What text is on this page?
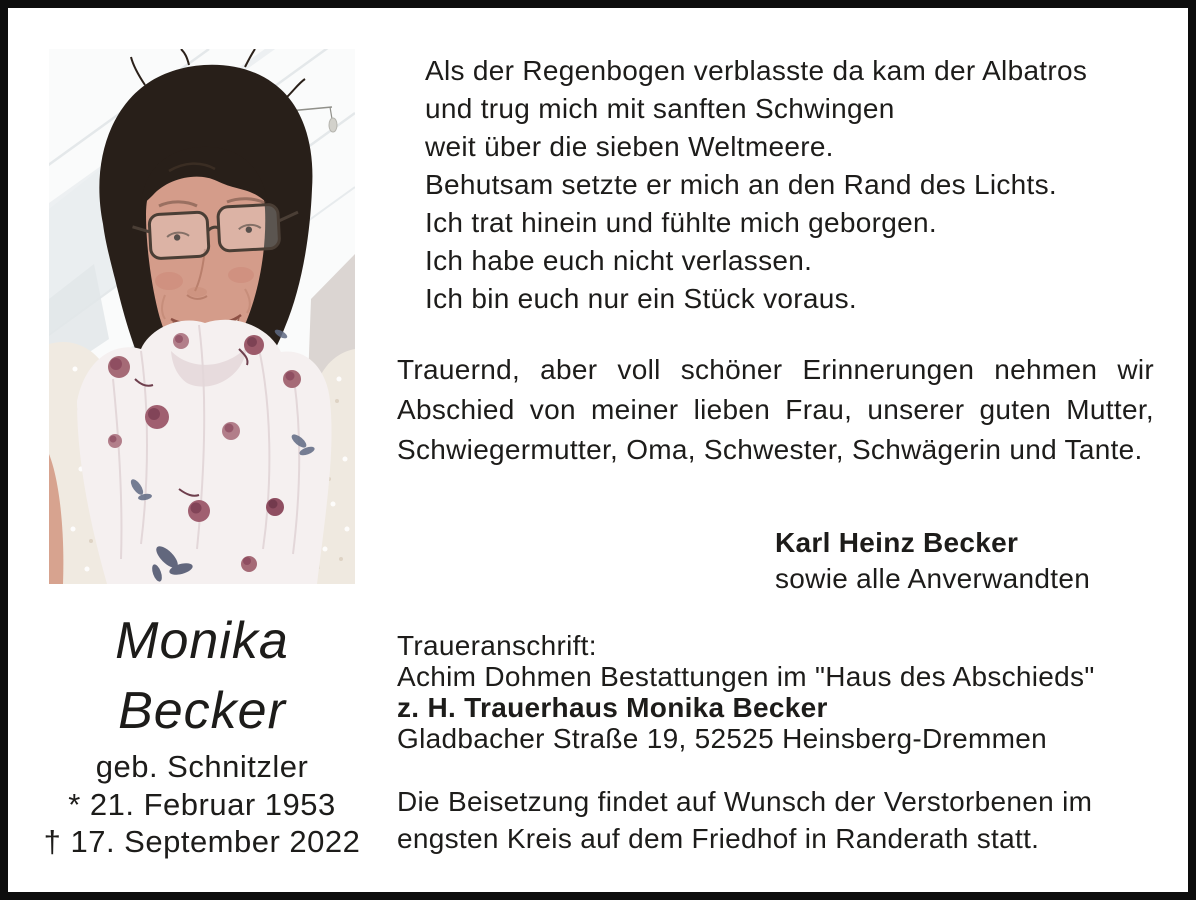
Monika
Becker
geb. Schnitzler
* 21. Februar 1953
† 17. September 2022
Als der Regenbogen verblasste da kam der Albatros
und trug mich mit sanften Schwingen
weit über die sieben Weltmeere.
Behutsam setzte er mich an den Rand des Lichts.
Ich trat hinein und fühlte mich geborgen.
Ich habe euch nicht verlassen.
Ich bin euch nur ein Stück voraus.

Trauernd, aber voll schöner Erinnerungen nehmen wir Abschied von meiner lieben Frau, unserer guten Mutter, Schwiegermutter, Oma, Schwester, Schwägerin und Tante.

Karl Heinz Becker
sowie alle Anverwandten
Traueranschrift:
Achim Dohmen Bestattungen im "Haus des Abschieds"
z. H. Trauerhaus Monika Becker
Gladbacher Straße 19, 52525 Heinsberg-Dremmen

Die Beisetzung findet auf Wunsch der Verstorbenen im engsten Kreis auf dem Friedhof in Randerath statt.
